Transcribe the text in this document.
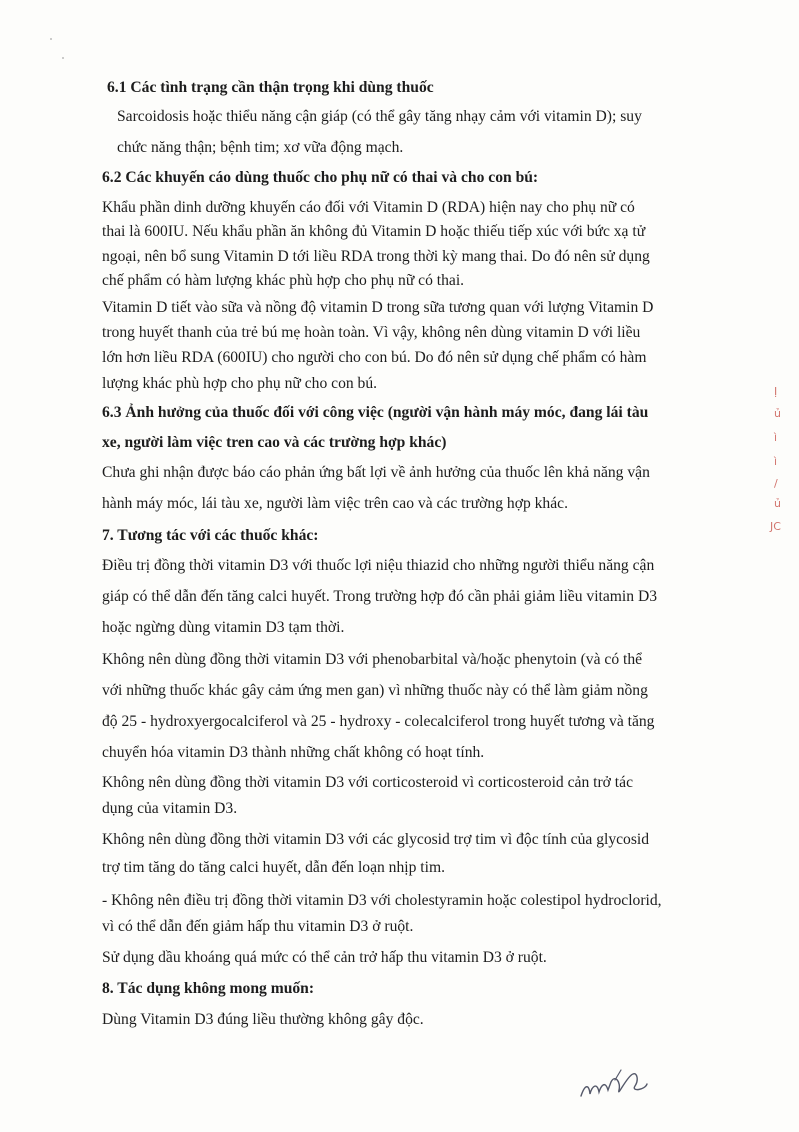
6.1 Các tình trạng cần thận trọng khi dùng thuốc
Sarcoidosis hoặc thiểu năng cận giáp (có thể gây tăng nhạy cảm với vitamin D); suy
chức năng thận; bệnh tim; xơ vữa động mạch.
6.2 Các khuyến cáo dùng thuốc cho phụ nữ có thai và cho con bú:
Khẩu phần dinh dưỡng khuyến cáo đối với Vitamin D (RDA) hiện nay cho phụ nữ có
thai là 600IU. Nếu khẩu phần ăn không đủ Vitamin D hoặc thiếu tiếp xúc với bức xạ tử
ngoại, nên bổ sung Vitamin D tới liều RDA trong thời kỳ mang thai. Do đó nên sử dụng
chế phẩm có hàm lượng khác phù hợp cho phụ nữ có thai.
Vitamin D tiết vào sữa và nồng độ vitamin D trong sữa tương quan với lượng Vitamin D
trong huyết thanh của trẻ bú mẹ hoàn toàn. Vì vậy, không nên dùng vitamin D với liều
lớn hơn liều RDA (600IU) cho người cho con bú. Do đó nên sử dụng chế phẩm có hàm
lượng khác phù hợp cho phụ nữ cho con bú.
6.3 Ảnh hưởng của thuốc đối với công việc (người vận hành máy móc, đang lái tàu
xe, người làm việc tren cao và các trường hợp khác)
Chưa ghi nhận được báo cáo phản ứng bất lợi về ảnh hưởng của thuốc lên khả năng vận
hành máy móc, lái tàu xe, người làm việc trên cao và các trường hợp khác.
7. Tương tác với các thuốc khác:
Điều trị đồng thời vitamin D3 với thuốc lợi niệu thiazid cho những người thiểu năng cận
giáp có thể dẫn đến tăng calci huyết. Trong trường hợp đó cần phải giảm liều vitamin D3
hoặc ngừng dùng vitamin D3 tạm thời.
Không nên dùng đồng thời vitamin D3 với phenobarbital và/hoặc phenytoin (và có thể
với những thuốc khác gây cảm ứng men gan) vì những thuốc này có thể làm giảm nồng
độ 25 - hydroxyergocalciferol và 25 - hydroxy - colecalciferol trong huyết tương và tăng
chuyển hóa vitamin D3 thành những chất không có hoạt tính.
Không nên dùng đồng thời vitamin D3 với corticosteroid vì corticosteroid cản trở tác
dụng của vitamin D3.
Không nên dùng đồng thời vitamin D3 với các glycosid trợ tim vì độc tính của glycosid
trợ tim tăng do tăng calci huyết, dẫn đến loạn nhịp tim.
- Không nên điều trị đồng thời vitamin D3 với cholestyramin hoặc colestipol hydroclorid,
vì có thể dẫn đến giảm hấp thu vitamin D3 ở ruột.
Sử dụng dầu khoáng quá mức có thể cản trở hấp thu vitamin D3 ở ruột.
8. Tác dụng không mong muốn:
Dùng Vitamin D3 đúng liều thường không gây độc.
Ị
ủ
ì
ì
/
ủ
JC
